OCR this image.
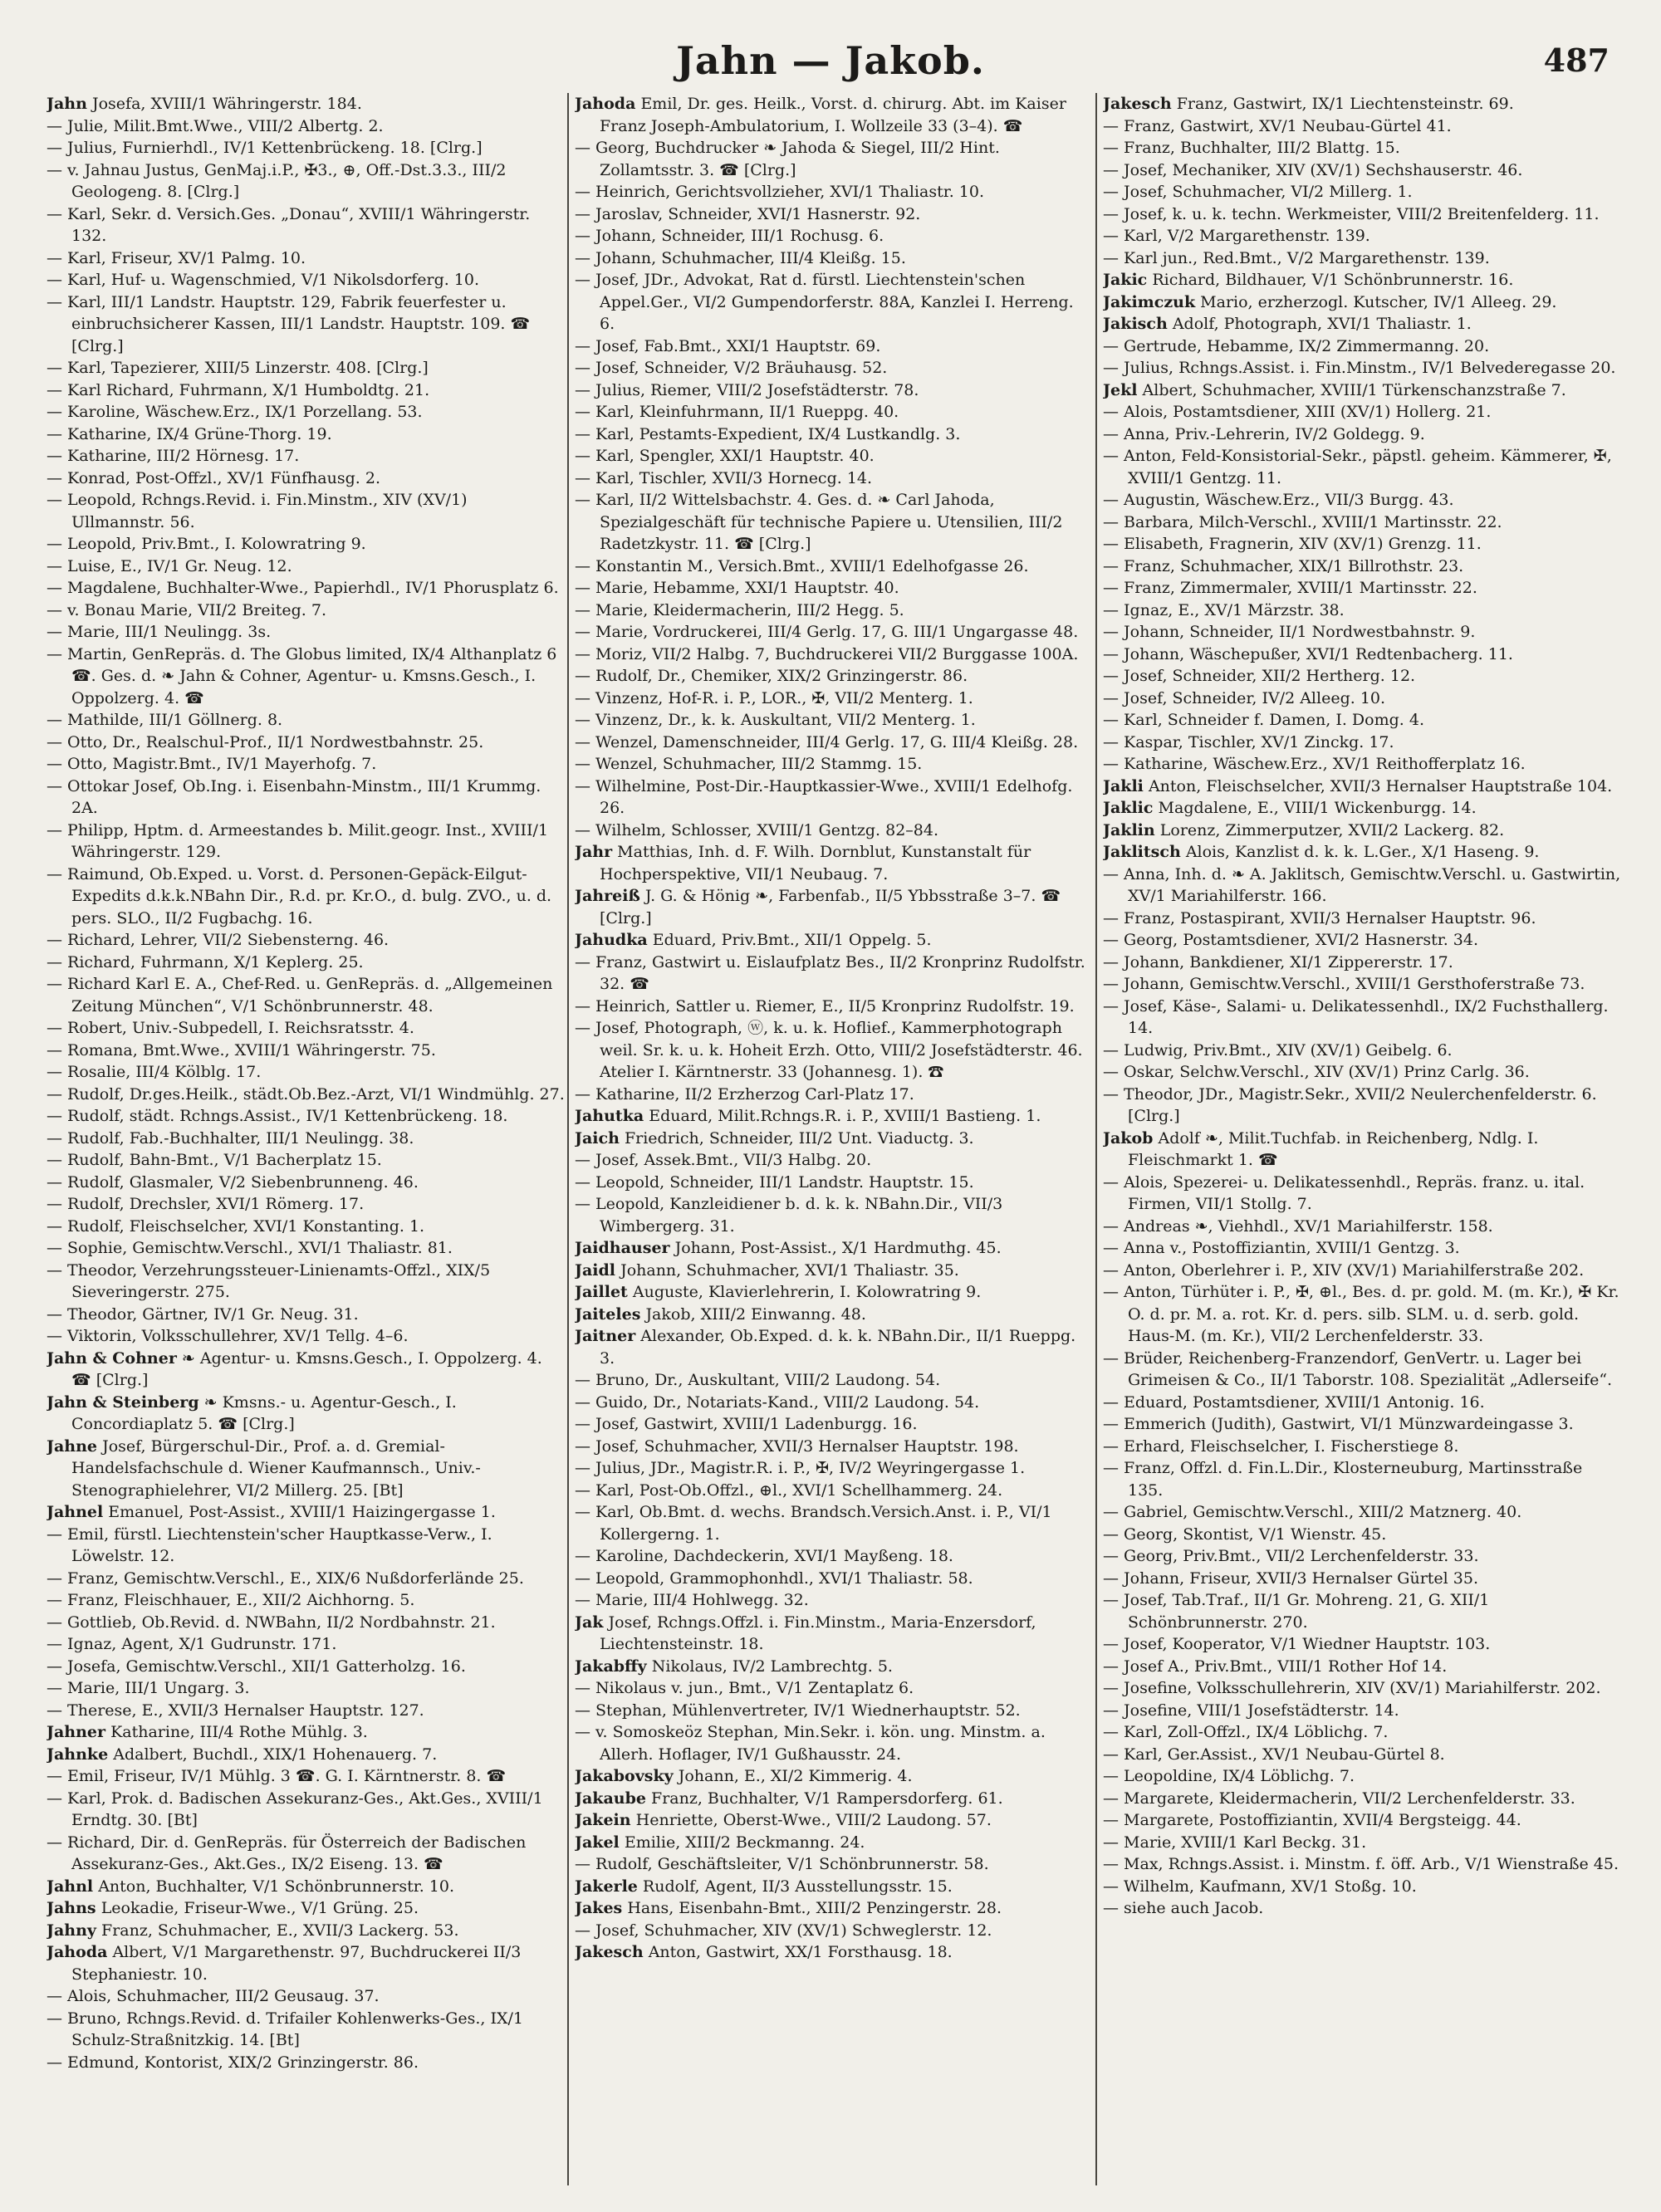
Jahn — Jakob.	487

Jahn Josefa, XVIII/1 Währingerstr. 184.

— Julie, Milit.Bmt.Wwe., VIII/2 Albertg. 2.

— Julius, Furnierhdl., IV/1 Kettenbrückeng. 18. [Clrg.]

— v. Jahnau Justus, GenMaj.i.P., ✠3., ⊕, Off.-Dst.3.3., III/2 Geologeng. 8. [Clrg.]

— Karl, Sekr. d. Versich.Ges. „Donau“, XVIII/1 Währingerstr. 132.

— Karl, Friseur, XV/1 Palmg. 10.

— Karl, Huf- u. Wagenschmied, V/1 Nikolsdorferg. 10.

— Karl, III/1 Landstr. Hauptstr. 129, Fabrik feuerfester u. einbruchsicherer Kassen, III/1 Landstr. Hauptstr. 109. ☎ [Clrg.]

— Karl, Tapezierer, XIII/5 Linzerstr. 408. [Clrg.]

— Karl Richard, Fuhrmann, X/1 Humboldtg. 21.

— Karoline, Wäschew.Erz., IX/1 Porzellang. 53.

— Katharine, IX/4 Grüne-Thorg. 19.

— Katharine, III/2 Hörnesg. 17.

— Konrad, Post-Offzl., XV/1 Fünfhausg. 2.

— Leopold, Rchngs.Revid. i. Fin.Minstm., XIV (XV/1) Ullmannstr. 56.

— Leopold, Priv.Bmt., I. Kolowratring 9.

— Luise, E., IV/1 Gr. Neug. 12.

— Magdalene, Buchhalter-Wwe., Papierhdl., IV/1 Phorusplatz 6.

— v. Bonau Marie, VII/2 Breiteg. 7.

— Marie, III/1 Neulingg. 3s.

— Martin, GenRepräs. d. The Globus limited, IX/4 Althanplatz 6 ☎. Ges. d. ❧ Jahn & Cohner, Agentur- u. Kmsns.Gesch., I. Oppolzerg. 4. ☎

— Mathilde, III/1 Göllnerg. 8.

— Otto, Dr., Realschul-Prof., II/1 Nordwestbahnstr. 25.

— Otto, Magistr.Bmt., IV/1 Mayerhofg. 7.

— Ottokar Josef, Ob.Ing. i. Eisenbahn-Minstm., III/1 Krummg. 2A.

— Philipp, Hptm. d. Armeestandes b. Milit.geogr. Inst., XVIII/1 Währingerstr. 129.

— Raimund, Ob.Exped. u. Vorst. d. Personen-Gepäck-Eilgut-Expedits d.k.k.NBahn Dir., R.d. pr. Kr.O., d. bulg. ZVO., u. d. pers. SLO., II/2 Fugbachg. 16.

— Richard, Lehrer, VII/2 Siebensterng. 46.

— Richard, Fuhrmann, X/1 Keplerg. 25.

— Richard Karl E. A., Chef-Red. u. GenRepräs. d. „Allgemeinen Zeitung München“, V/1 Schönbrunnerstr. 48.

— Robert, Univ.-Subpedell, I. Reichsratsstr. 4.

— Romana, Bmt.Wwe., XVIII/1 Währingerstr. 75.

— Rosalie, III/4 Kölblg. 17.

— Rudolf, Dr.ges.Heilk., städt.Ob.Bez.-Arzt, VI/1 Windmühlg. 27.

— Rudolf, städt. Rchngs.Assist., IV/1 Kettenbrückeng. 18.

— Rudolf, Fab.-Buchhalter, III/1 Neulingg. 38.

— Rudolf, Bahn-Bmt., V/1 Bacherplatz 15.

— Rudolf, Glasmaler, V/2 Siebenbrunneng. 46.

— Rudolf, Drechsler, XVI/1 Römerg. 17.

— Rudolf, Fleischselcher, XVI/1 Konstanting. 1.

— Sophie, Gemischtw.Verschl., XVI/1 Thaliastr. 81.

— Theodor, Verzehrungssteuer-Linienamts-Offzl., XIX/5 Sieveringerstr. 275.

— Theodor, Gärtner, IV/1 Gr. Neug. 31.

— Viktorin, Volksschullehrer, XV/1 Tellg. 4–6.

Jahn & Cohner ❧ Agentur- u. Kmsns.Gesch., I. Oppolzerg. 4. ☎ [Clrg.]

Jahn & Steinberg ❧ Kmsns.- u. Agentur-Gesch., I. Concordiaplatz 5. ☎ [Clrg.]

Jahne Josef, Bürgerschul-Dir., Prof. a. d. Gremial-Handelsfachschule d. Wiener Kaufmannsch., Univ.-Stenographielehrer, VI/2 Millerg. 25. [Bt]

Jahnel Emanuel, Post-Assist., XVIII/1 Haizingergasse 1.

— Emil, fürstl. Liechtenstein'scher Hauptkasse-Verw., I. Löwelstr. 12.

— Franz, Gemischtw.Verschl., E., XIX/6 Nußdorferlände 25.

— Franz, Fleischhauer, E., XII/2 Aichhorng. 5.

— Gottlieb, Ob.Revid. d. NWBahn, II/2 Nordbahnstr. 21.

— Ignaz, Agent, X/1 Gudrunstr. 171.

— Josefa, Gemischtw.Verschl., XII/1 Gatterholzg. 16.

— Marie, III/1 Ungarg. 3.

— Therese, E., XVII/3 Hernalser Hauptstr. 127.

Jahner Katharine, III/4 Rothe Mühlg. 3.

Jahnke Adalbert, Buchdl., XIX/1 Hohenauerg. 7.

— Emil, Friseur, IV/1 Mühlg. 3 ☎. G. I. Kärntnerstr. 8. ☎

— Karl, Prok. d. Badischen Assekuranz-Ges., Akt.Ges., XVIII/1 Erndtg. 30. [Bt]

— Richard, Dir. d. GenRepräs. für Österreich der Badischen Assekuranz-Ges., Akt.Ges., IX/2 Eiseng. 13. ☎

Jahnl Anton, Buchhalter, V/1 Schönbrunnerstr. 10.

Jahns Leokadie, Friseur-Wwe., V/1 Grüng. 25.

Jahny Franz, Schuhmacher, E., XVII/3 Lackerg. 53.

Jahoda Albert, V/1 Margarethenstr. 97, Buchdruckerei II/3 Stephaniestr. 10.

— Alois, Schuhmacher, III/2 Geusaug. 37.

— Bruno, Rchngs.Revid. d. Trifailer Kohlenwerks-Ges., IX/1 Schulz-Straßnitzkig. 14. [Bt]

— Edmund, Kontorist, XIX/2 Grinzingerstr. 86.

Jahoda Emil, Dr. ges. Heilk., Vorst. d. chirurg. Abt. im Kaiser Franz Joseph-Ambulatorium, I. Wollzeile 33 (3–4). ☎

— Georg, Buchdrucker ❧ Jahoda & Siegel, III/2 Hint. Zollamtsstr. 3. ☎ [Clrg.]

— Heinrich, Gerichtsvollzieher, XVI/1 Thaliastr. 10.

— Jaroslav, Schneider, XVI/1 Hasnerstr. 92.

— Johann, Schneider, III/1 Rochusg. 6.

— Johann, Schuhmacher, III/4 Kleißg. 15.

— Josef, JDr., Advokat, Rat d. fürstl. Liechtenstein'schen Appel.Ger., VI/2 Gumpendorferstr. 88A, Kanzlei I. Herreng. 6.

— Josef, Fab.Bmt., XXI/1 Hauptstr. 69.

— Josef, Schneider, V/2 Bräuhausg. 52.

— Julius, Riemer, VIII/2 Josefstädterstr. 78.

— Karl, Kleinfuhrmann, II/1 Rueppg. 40.

— Karl, Pestamts-Expedient, IX/4 Lustkandlg. 3.

— Karl, Spengler, XXI/1 Hauptstr. 40.

— Karl, Tischler, XVII/3 Hornecg. 14.

— Karl, II/2 Wittelsbachstr. 4. Ges. d. ❧ Carl Jahoda, Spezialgeschäft für technische Papiere u. Utensilien, III/2 Radetzkystr. 11. ☎ [Clrg.]

— Konstantin M., Versich.Bmt., XVIII/1 Edelhofgasse 26.

— Marie, Hebamme, XXI/1 Hauptstr. 40.

— Marie, Kleidermacherin, III/2 Hegg. 5.

— Marie, Vordruckerei, III/4 Gerlg. 17, G. III/1 Ungargasse 48.

— Moriz, VII/2 Halbg. 7, Buchdruckerei VII/2 Burggasse 100A.

— Rudolf, Dr., Chemiker, XIX/2 Grinzingerstr. 86.

— Vinzenz, Hof-R. i. P., LOR., ✠, VII/2 Menterg. 1.

— Vinzenz, Dr., k. k. Auskultant, VII/2 Menterg. 1.

— Wenzel, Damenschneider, III/4 Gerlg. 17, G. III/4 Kleißg. 28.

— Wenzel, Schuhmacher, III/2 Stammg. 15.

— Wilhelmine, Post-Dir.-Hauptkassier-Wwe., XVIII/1 Edelhofg. 26.

— Wilhelm, Schlosser, XVIII/1 Gentzg. 82–84.

Jahr Matthias, Inh. d. F. Wilh. Dornblut, Kunstanstalt für Hochperspektive, VII/1 Neubaug. 7.

Jahreiß J. G. & Hönig ❧, Farbenfab., II/5 Ybbsstraße 3–7. ☎ [Clrg.]

Jahudka Eduard, Priv.Bmt., XII/1 Oppelg. 5.

— Franz, Gastwirt u. Eislaufplatz Bes., II/2 Kronprinz Rudolfstr. 32. ☎

— Heinrich, Sattler u. Riemer, E., II/5 Kronprinz Rudolfstr. 19.

— Josef, Photograph, ⓦ, k. u. k. Hoflief., Kammerphotograph weil. Sr. k. u. k. Hoheit Erzh. Otto, VIII/2 Josefstädterstr. 46. Atelier I. Kärntnerstr. 33 (Johannesg. 1). ☎

— Katharine, II/2 Erzherzog Carl-Platz 17.

Jahutka Eduard, Milit.Rchngs.R. i. P., XVIII/1 Bastieng. 1.

Jaich Friedrich, Schneider, III/2 Unt. Viaductg. 3.

— Josef, Assek.Bmt., VII/3 Halbg. 20.

— Leopold, Schneider, III/1 Landstr. Hauptstr. 15.

— Leopold, Kanzleidiener b. d. k. k. NBahn.Dir., VII/3 Wimbergerg. 31.

Jaidhauser Johann, Post-Assist., X/1 Hardmuthg. 45.

Jaidl Johann, Schuhmacher, XVI/1 Thaliastr. 35.

Jaillet Auguste, Klavierlehrerin, I. Kolowratring 9.

Jaiteles Jakob, XIII/2 Einwanng. 48.

Jaitner Alexander, Ob.Exped. d. k. k. NBahn.Dir., II/1 Rueppg. 3.

— Bruno, Dr., Auskultant, VIII/2 Laudong. 54.

— Guido, Dr., Notariats-Kand., VIII/2 Laudong. 54.

— Josef, Gastwirt, XVIII/1 Ladenburgg. 16.

— Josef, Schuhmacher, XVII/3 Hernalser Hauptstr. 198.

— Julius, JDr., Magistr.R. i. P., ✠, IV/2 Weyringergasse 1.

— Karl, Post-Ob.Offzl., ⊕l., XVI/1 Schellhammerg. 24.

— Karl, Ob.Bmt. d. wechs. Brandsch.Versich.Anst. i. P., VI/1 Kollergerng. 1.

— Karoline, Dachdeckerin, XVI/1 Mayßeng. 18.

— Leopold, Grammophonhdl., XVI/1 Thaliastr. 58.

— Marie, III/4 Hohlwegg. 32.

Jak Josef, Rchngs.Offzl. i. Fin.Minstm., Maria-Enzersdorf, Liechtensteinstr. 18.

Jakabffy Nikolaus, IV/2 Lambrechtg. 5.

— Nikolaus v. jun., Bmt., V/1 Zentaplatz 6.

— Stephan, Mühlenvertreter, IV/1 Wiednerhauptstr. 52.

— v. Somoskeöz Stephan, Min.Sekr. i. kön. ung. Minstm. a. Allerh. Hoflager, IV/1 Gußhausstr. 24.

Jakabovsky Johann, E., XI/2 Kimmerig. 4.

Jakaube Franz, Buchhalter, V/1 Rampersdorferg. 61.

Jakein Henriette, Oberst-Wwe., VIII/2 Laudong. 57.

Jakel Emilie, XIII/2 Beckmanng. 24.

— Rudolf, Geschäftsleiter, V/1 Schönbrunnerstr. 58.

Jakerle Rudolf, Agent, II/3 Ausstellungsstr. 15.

Jakes Hans, Eisenbahn-Bmt., XIII/2 Penzingerstr. 28.

— Josef, Schuhmacher, XIV (XV/1) Schweglerstr. 12.

Jakesch Anton, Gastwirt, XX/1 Forsthausg. 18.

Jakesch Franz, Gastwirt, IX/1 Liechtensteinstr. 69.

— Franz, Gastwirt, XV/1 Neubau-Gürtel 41.

— Franz, Buchhalter, III/2 Blattg. 15.

— Josef, Mechaniker, XIV (XV/1) Sechshauserstr. 46.

— Josef, Schuhmacher, VI/2 Millerg. 1.

— Josef, k. u. k. techn. Werkmeister, VIII/2 Breitenfelderg. 11.

— Karl, V/2 Margarethenstr. 139.

— Karl jun., Red.Bmt., V/2 Margarethenstr. 139.

Jakic Richard, Bildhauer, V/1 Schönbrunnerstr. 16.

Jakimczuk Mario, erzherzogl. Kutscher, IV/1 Alleeg. 29.

Jakisch Adolf, Photograph, XVI/1 Thaliastr. 1.

— Gertrude, Hebamme, IX/2 Zimmermanng. 20.

— Julius, Rchngs.Assist. i. Fin.Minstm., IV/1 Belvederegasse 20.

Jekl Albert, Schuhmacher, XVIII/1 Türkenschanzstraße 7.

— Alois, Postamtsdiener, XIII (XV/1) Hollerg. 21.

— Anna, Priv.-Lehrerin, IV/2 Goldegg. 9.

— Anton, Feld-Konsistorial-Sekr., päpstl. geheim. Kämmerer, ✠, XVIII/1 Gentzg. 11.

— Augustin, Wäschew.Erz., VII/3 Burgg. 43.

— Barbara, Milch-Verschl., XVIII/1 Martinsstr. 22.

— Elisabeth, Fragnerin, XIV (XV/1) Grenzg. 11.

— Franz, Schuhmacher, XIX/1 Billrothstr. 23.

— Franz, Zimmermaler, XVIII/1 Martinsstr. 22.

— Ignaz, E., XV/1 Märzstr. 38.

— Johann, Schneider, II/1 Nordwestbahnstr. 9.

— Johann, Wäschepußer, XVI/1 Redtenbacherg. 11.

— Josef, Schneider, XII/2 Hertherg. 12.

— Josef, Schneider, IV/2 Alleeg. 10.

— Karl, Schneider f. Damen, I. Domg. 4.

— Kaspar, Tischler, XV/1 Zinckg. 17.

— Katharine, Wäschew.Erz., XV/1 Reithofferplatz 16.

Jakli Anton, Fleischselcher, XVII/3 Hernalser Hauptstraße 104.

Jaklic Magdalene, E., VIII/1 Wickenburgg. 14.

Jaklin Lorenz, Zimmerputzer, XVII/2 Lackerg. 82.

Jaklitsch Alois, Kanzlist d. k. k. L.Ger., X/1 Haseng. 9.

— Anna, Inh. d. ❧ A. Jaklitsch, Gemischtw.Verschl. u. Gastwirtin, XV/1 Mariahilferstr. 166.

— Franz, Postaspirant, XVII/3 Hernalser Hauptstr. 96.

— Georg, Postamtsdiener, XVI/2 Hasnerstr. 34.

— Johann, Bankdiener, XI/1 Zippererstr. 17.

— Johann, Gemischtw.Verschl., XVIII/1 Gersthoferstraße 73.

— Josef, Käse-, Salami- u. Delikatessenhdl., IX/2 Fuchsthallerg. 14.

— Ludwig, Priv.Bmt., XIV (XV/1) Geibelg. 6.

— Oskar, Selchw.Verschl., XIV (XV/1) Prinz Carlg. 36.

— Theodor, JDr., Magistr.Sekr., XVII/2 Neulerchenfelderstr. 6. [Clrg.]

Jakob Adolf ❧, Milit.Tuchfab. in Reichenberg, Ndlg. I. Fleischmarkt 1. ☎

— Alois, Spezerei- u. Delikatessenhdl., Repräs. franz. u. ital. Firmen, VII/1 Stollg. 7.

— Andreas ❧, Viehhdl., XV/1 Mariahilferstr. 158.

— Anna v., Postoffiziantin, XVIII/1 Gentzg. 3.

— Anton, Oberlehrer i. P., XIV (XV/1) Mariahilferstraße 202.

— Anton, Türhüter i. P., ✠, ⊕l., Bes. d. pr. gold. M. (m. Kr.), ✠ Kr. O. d. pr. M. a. rot. Kr. d. pers. silb. SLM. u. d. serb. gold. Haus-M. (m. Kr.), VII/2 Lerchenfelderstr. 33.

— Brüder, Reichenberg-Franzendorf, GenVertr. u. Lager bei Grimeisen & Co., II/1 Taborstr. 108. Spezialität „Adlerseife“.

— Eduard, Postamtsdiener, XVIII/1 Antonig. 16.

— Emmerich (Judith), Gastwirt, VI/1 Münzwardeingasse 3.

— Erhard, Fleischselcher, I. Fischerstiege 8.

— Franz, Offzl. d. Fin.L.Dir., Klosterneuburg, Martinsstraße 135.

— Gabriel, Gemischtw.Verschl., XIII/2 Matznerg. 40.

— Georg, Skontist, V/1 Wienstr. 45.

— Georg, Priv.Bmt., VII/2 Lerchenfelderstr. 33.

— Johann, Friseur, XVII/3 Hernalser Gürtel 35.

— Josef, Tab.Traf., II/1 Gr. Mohreng. 21, G. XII/1 Schönbrunnerstr. 270.

— Josef, Kooperator, V/1 Wiedner Hauptstr. 103.

— Josef A., Priv.Bmt., VIII/1 Rother Hof 14.

— Josefine, Volksschullehrerin, XIV (XV/1) Mariahilferstr. 202.

— Josefine, VIII/1 Josefstädterstr. 14.

— Karl, Zoll-Offzl., IX/4 Löblichg. 7.

— Karl, Ger.Assist., XV/1 Neubau-Gürtel 8.

— Leopoldine, IX/4 Löblichg. 7.

— Margarete, Kleidermacherin, VII/2 Lerchenfelderstr. 33.

— Margarete, Postoffiziantin, XVII/4 Bergsteigg. 44.

— Marie, XVIII/1 Karl Beckg. 31.

— Max, Rchngs.Assist. i. Minstm. f. öff. Arb., V/1 Wienstraße 45.

— Wilhelm, Kaufmann, XV/1 Stoßg. 10.

— siehe auch Jacob.
